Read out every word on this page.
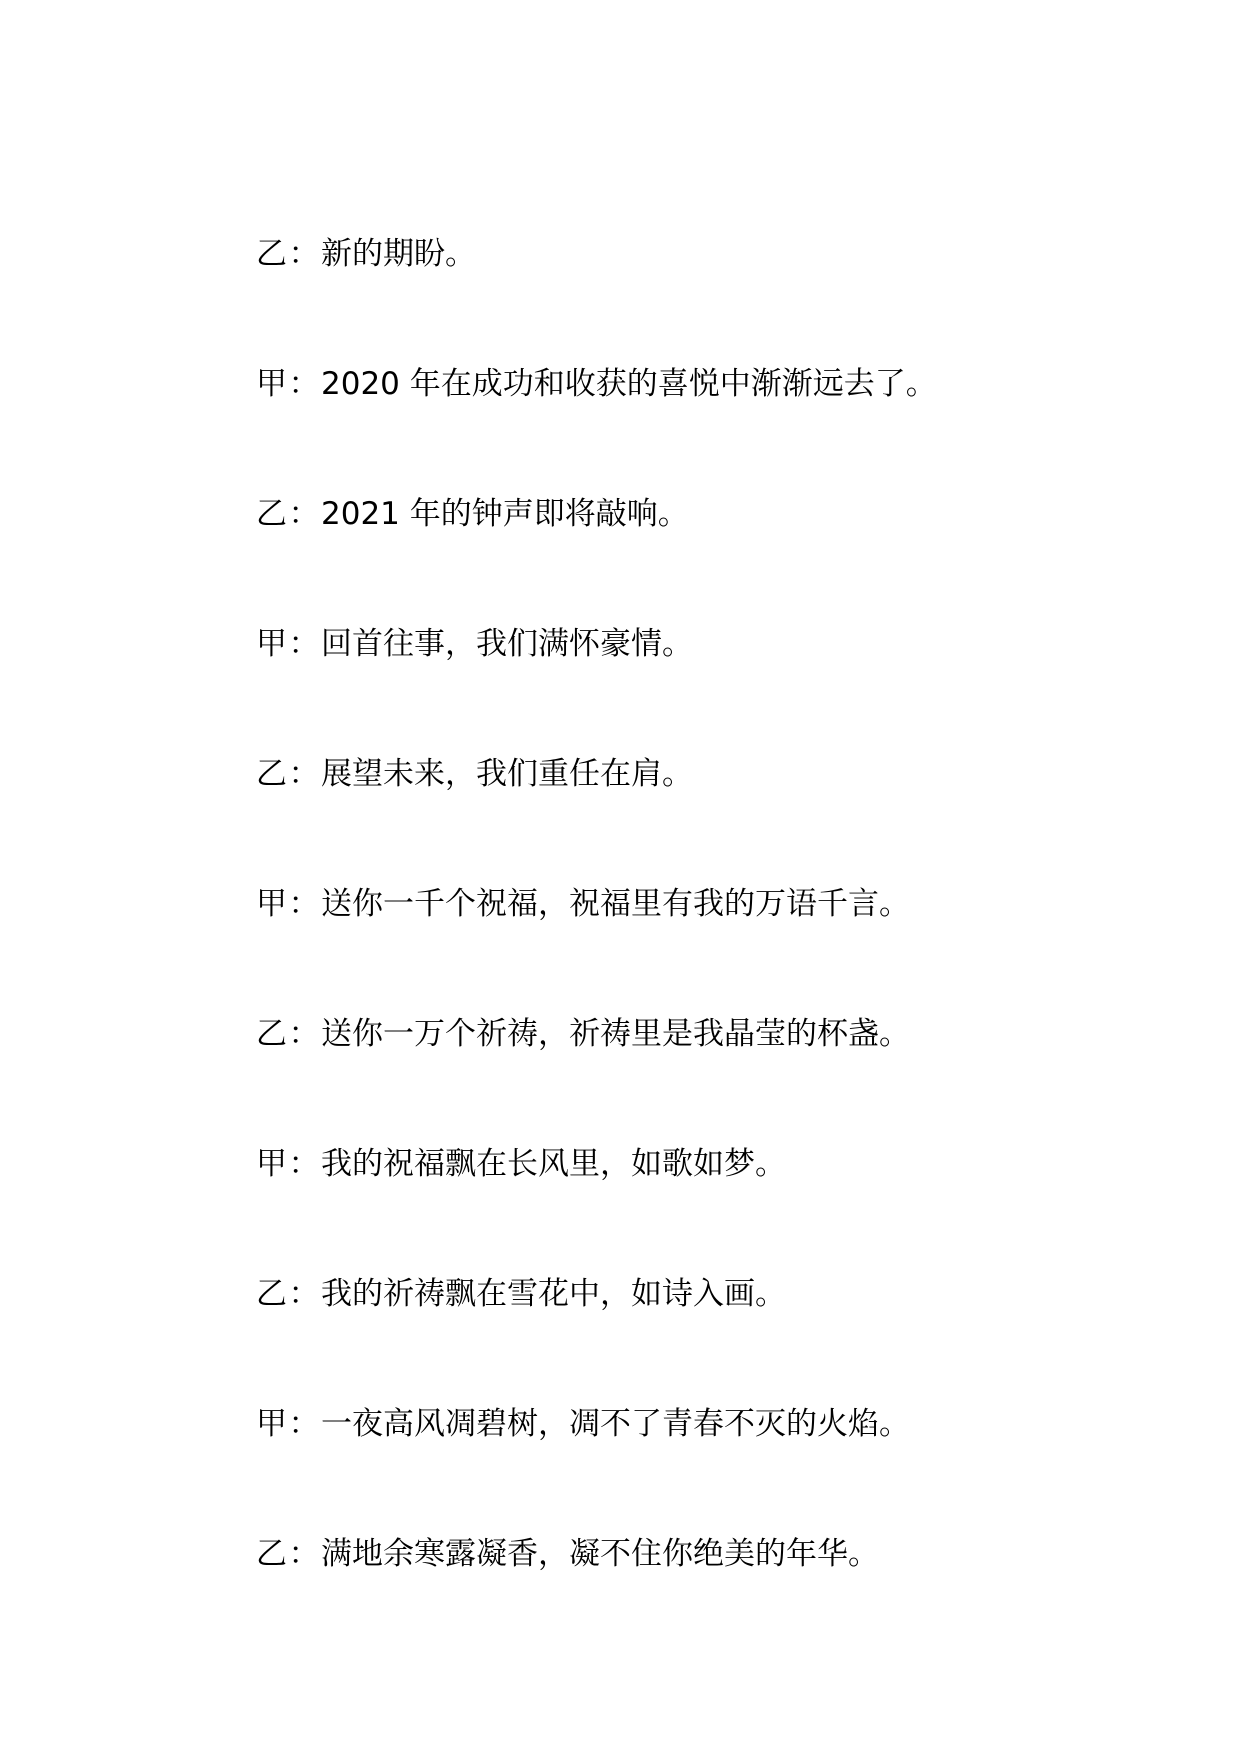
乙 ： 新的期盼。
甲 ： 2020 年在成功和收获的喜悦中渐渐远去了。
乙 ： 2021 年的钟声即将敲响。
甲 ： 回首往事，我们满怀豪情。
乙 ： 展望未来，我们重任在肩。
甲 ： 送你一千个祝福，祝福里有我的万语千言。
乙 ： 送你一万个祈祷，祈祷里是我晶莹的杯盏。
甲 ： 我的祝福飘在长风里，如歌如梦。
乙 ： 我的祈祷飘在雪花中，如诗入画。
甲 ： 一夜高风凋碧树，凋不了青春不灭的火焰。
乙 ： 满地余寒露凝香，凝不住你绝美的年华。
